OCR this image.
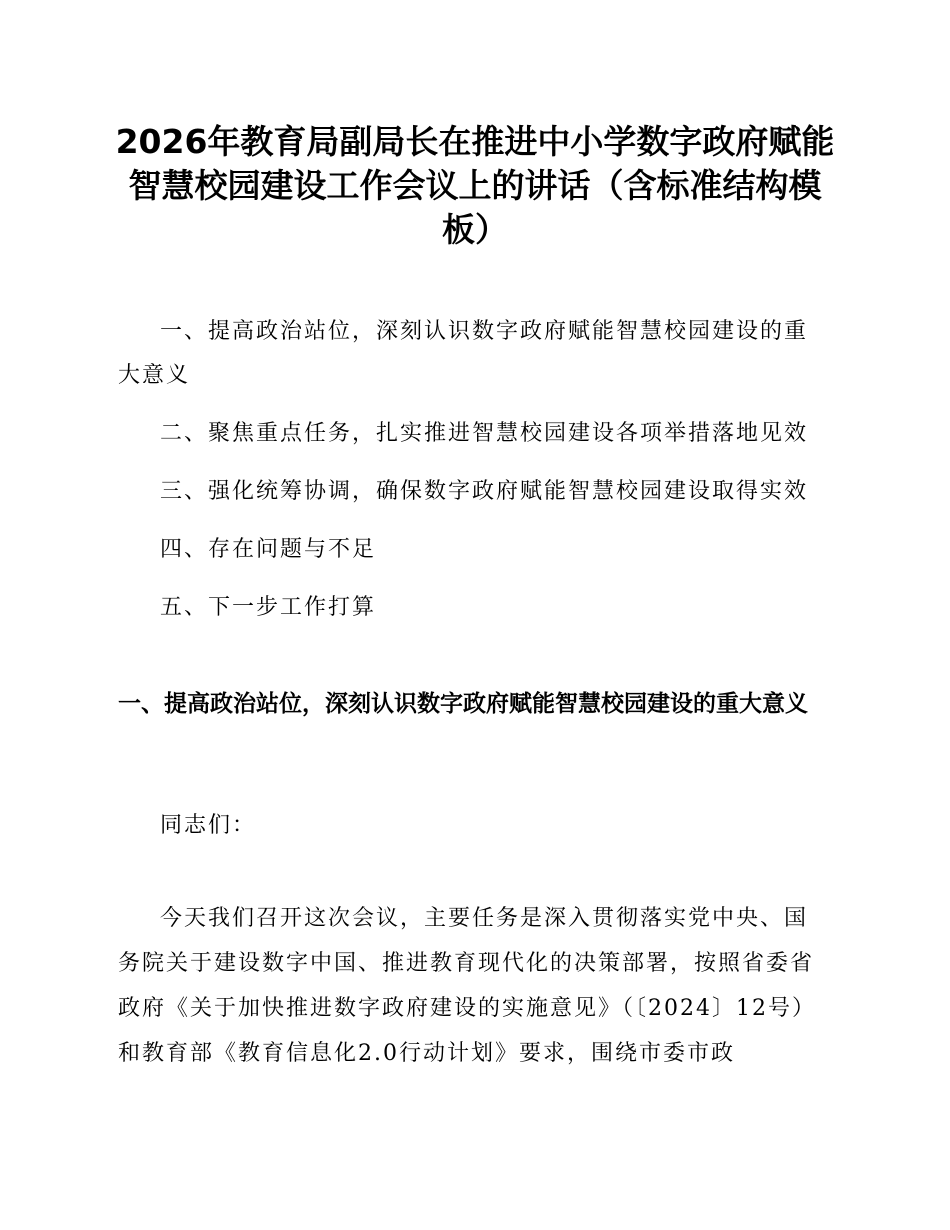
2026年教育局副局长在推进中小学数字政府赋能智慧校园建设工作会议上的讲话（含标准结构模板）
一、提高政治站位，深刻认识数字政府赋能智慧校园建设的重大意义
二、聚焦重点任务，扎实推进智慧校园建设各项举措落地见效
三、强化统筹协调，确保数字政府赋能智慧校园建设取得实效
四、存在问题与不足
五、下一步工作打算
一、提高政治站位，深刻认识数字政府赋能智慧校园建设的重大意义

同志们：

今天我们召开这次会议，主要任务是深入贯彻落实党中央、国务院关于建设数字中国、推进教育现代化的决策部署，按照省委省政府《关于加快推进数字政府建设的实施意见》（〔2024〕12号）和教育部《教育信息化2.0行动计划》要求，围绕市委市政
